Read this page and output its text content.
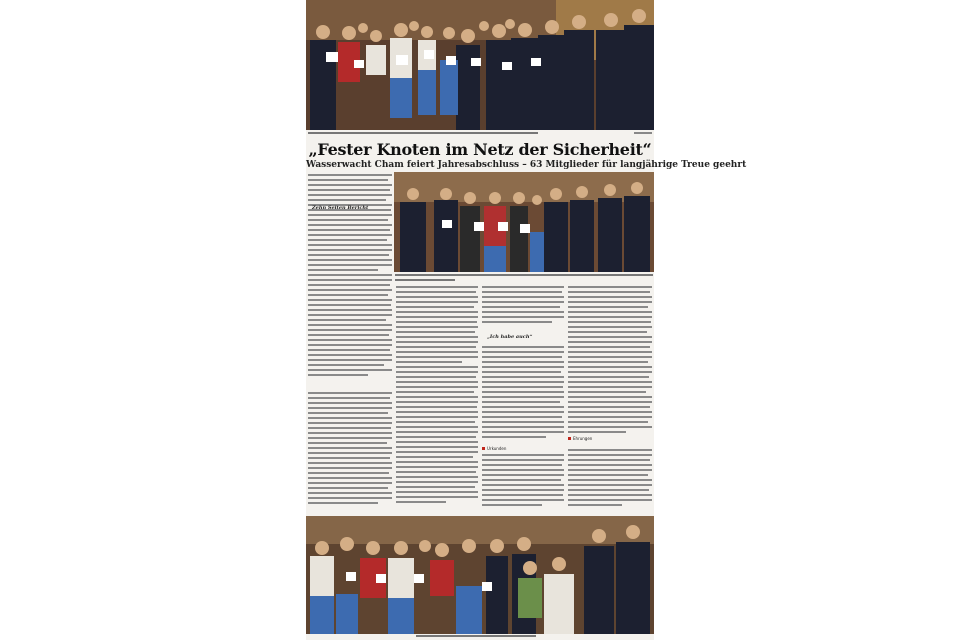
„Fester Knoten im Netz der Sicherheit“
Wasserwacht Cham feiert Jahresabschluss – 63 Mitglieder für langjährige Treue geehrt
Zehn Seiten Bericht
„Ich habe auch“
Urkunden
Ehrungen
